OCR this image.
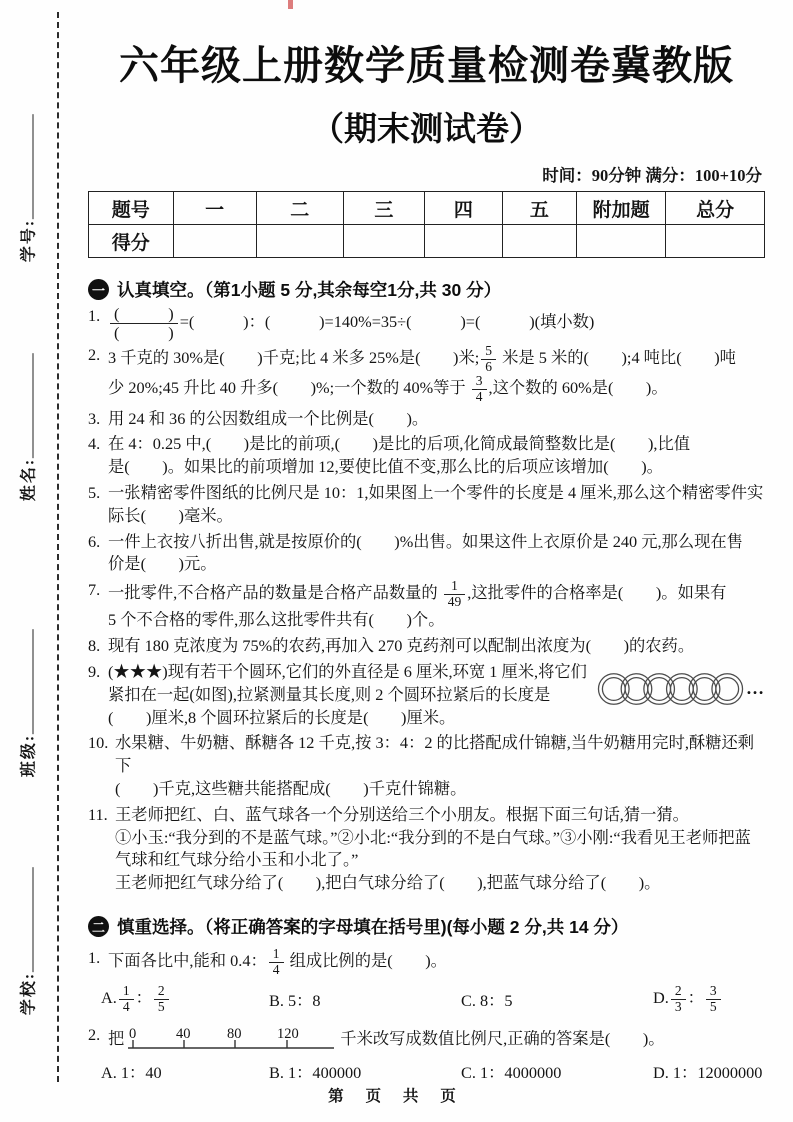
学号:
姓名:
班级:
学校:
六年级上册数学质量检测卷冀教版
（期末测试卷）
时间：90分钟 满分：100+10分
题号	一	二	三	四	五	附加题	总分
得分							
一 认真填空。（第1小题 5 分,其余每空1分,共 30 分）
1. $\frac{( )}{( )}$ =(　　　)：(　　　)=140%=35÷(　　　)=(　　　)(填小数)
2. 3 千克的 30%是(　　)千克;比 4 米多 25%是(　　)米; $\frac{5}{6}$ 米是 5 米的(　　);4 吨比(　　)吨
少 20%;45 升比 40 升多(　　)%;一个数的 40%等于 $\frac{3}{4}$ ,这个数的 60%是(　　)。
3. 用 24 和 36 的公因数组成一个比例是(　　)。
4. 在 4：0.25 中,(　　)是比的前项,(　　)是比的后项,化简成最简整数比是(　　),比值
是(　　)。如果比的前项增加 12,要使比值不变,那么比的后项应该增加(　　)。
5. 一张精密零件图纸的比例尺是 10：1,如果图上一个零件的长度是 4 厘米,那么这个精密零件实
际长(　　)毫米。
6. 一件上衣按八折出售,就是按原价的(　　)%出售。如果这件上衣原价是 240 元,那么现在售
价是(　　)元。
7. 一批零件,不合格产品的数量是合格产品数量的 $\frac{1}{49}$ ,这批零件的合格率是(　　)。如果有
5 个不合格的零件,那么这批零件共有(　　)个。
8. 现有 180 克浓度为 75%的农药,再加入 270 克药剂可以配制出浓度为(　　)的农药。
9.
…
(★★★)现有若干个圆环,它们的外直径是 6 厘米,环宽 1 厘米,将它们
紧扣在一起(如图),拉紧测量其长度,则 2 个圆环拉紧后的长度是
(　　)厘米,8 个圆环拉紧后的长度是(　　)厘米。
10. 水果糖、牛奶糖、酥糖各 12 千克,按 3：4：2 的比搭配成什锦糖,当牛奶糖用完时,酥糖还剩下
(　　)千克,这些糖共能搭配成(　　)千克什锦糖。
11. 王老师把红、白、蓝气球各一个分别送给三个小朋友。根据下面三句话,猜一猜。
①小玉:“我分到的不是蓝气球。”②小北:“我分到的不是白气球。”③小刚:“我看见王老师把蓝
气球和红气球分给小玉和小北了。”
王老师把红气球分给了(　　),把白气球分给了(　　),把蓝气球分给了(　　)。
二 慎重选择。（将正确答案的字母填在括号里)(每小题 2 分,共 14 分）
1. 下面各比中,能和 0.4： $\frac{1}{4}$ 组成比例的是(　　)。
A. $\frac{1}{4}$ ： $\frac{2}{5}$	B. 5：8	C. 8：5	D. $\frac{2}{3}$ ： $\frac{3}{5}$
2. 把 0	40	80 120	千米改写成数值比例尺,正确的答案是(　　)。
A. 1：40	B. 1：400000	C. 1：4000000	D. 1：12000000
第 页 共 页
